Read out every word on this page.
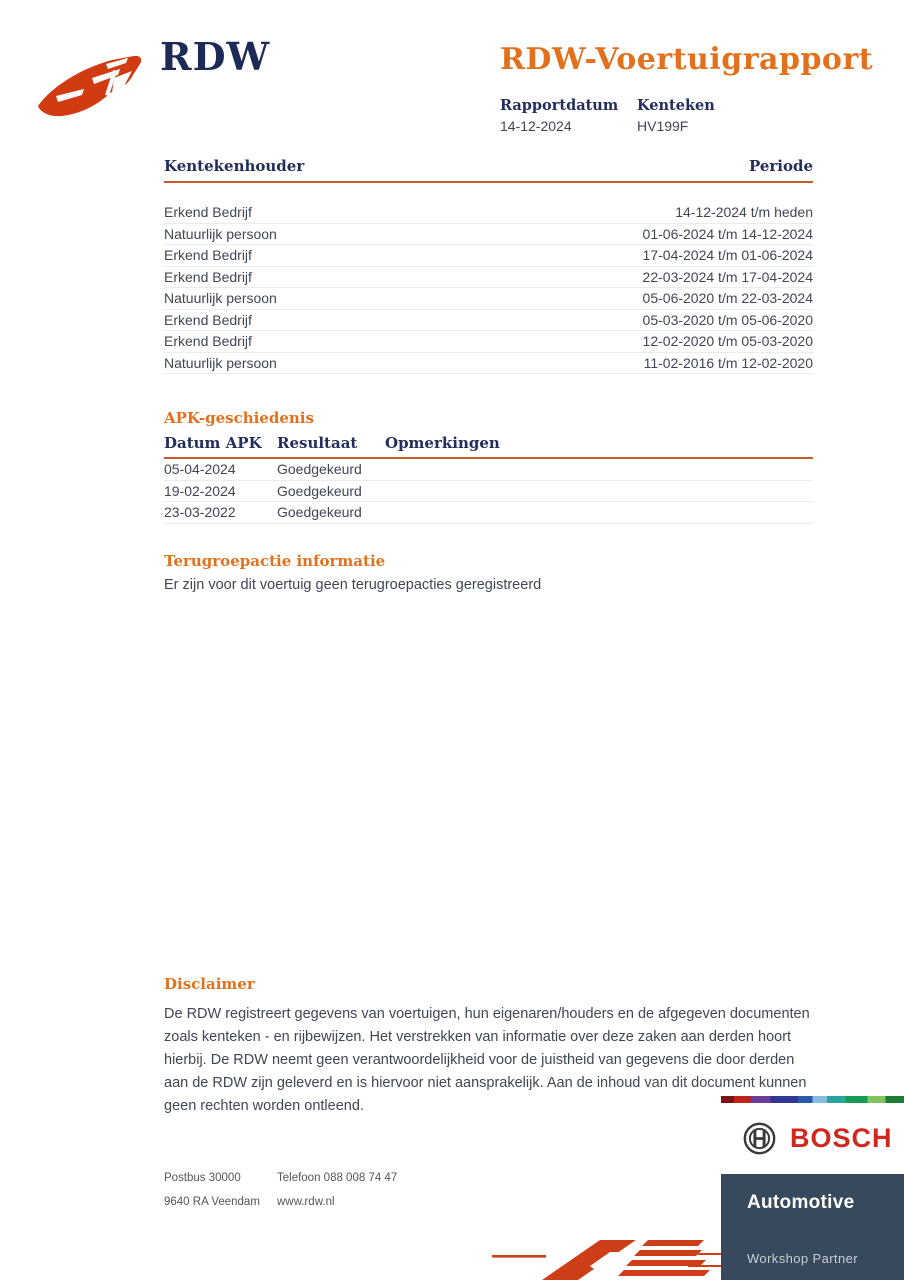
RDW	RDW-Voertuigrapport
Rapportdatum
14-12-2024
Kenteken
HV199F
Kentekenhouder	Periode
Erkend Bedrijf	14-12-2024 t/m heden
Natuurlijk persoon	01-06-2024 t/m 14-12-2024
Erkend Bedrijf	17-04-2024 t/m 01-06-2024
Erkend Bedrijf	22-03-2024 t/m 17-04-2024
Natuurlijk persoon	05-06-2020 t/m 22-03-2024
Erkend Bedrijf	05-03-2020 t/m 05-06-2020
Erkend Bedrijf	12-02-2020 t/m 05-03-2020
Natuurlijk persoon	11-02-2016 t/m 12-02-2020
APK-geschiedenis
Datum APK	Resultaat	Opmerkingen
05-04-2024	Goedgekeurd
19-02-2024	Goedgekeurd
23-03-2022	Goedgekeurd
Terugroepactie informatie
Er zijn voor dit voertuig geen terugroepacties geregistreerd
Disclaimer
De RDW registreert gegevens van voertuigen, hun eigenaren/houders en de afgegeven documenten zoals kenteken - en rijbewijzen. Het verstrekken van informatie over deze zaken aan derden hoort hierbij. De RDW neemt geen verantwoordelijkheid voor de juistheid van gegevens die door derden aan de RDW zijn geleverd en is hiervoor niet aansprakelijk. Aan de inhoud van dit document kunnen geen rechten worden ontleend.
Postbus 30000	Telefoon 088 008 74 47
9640 RA Veendam	www.rdw.nl
BOSCH
Automotive
Workshop Partner
